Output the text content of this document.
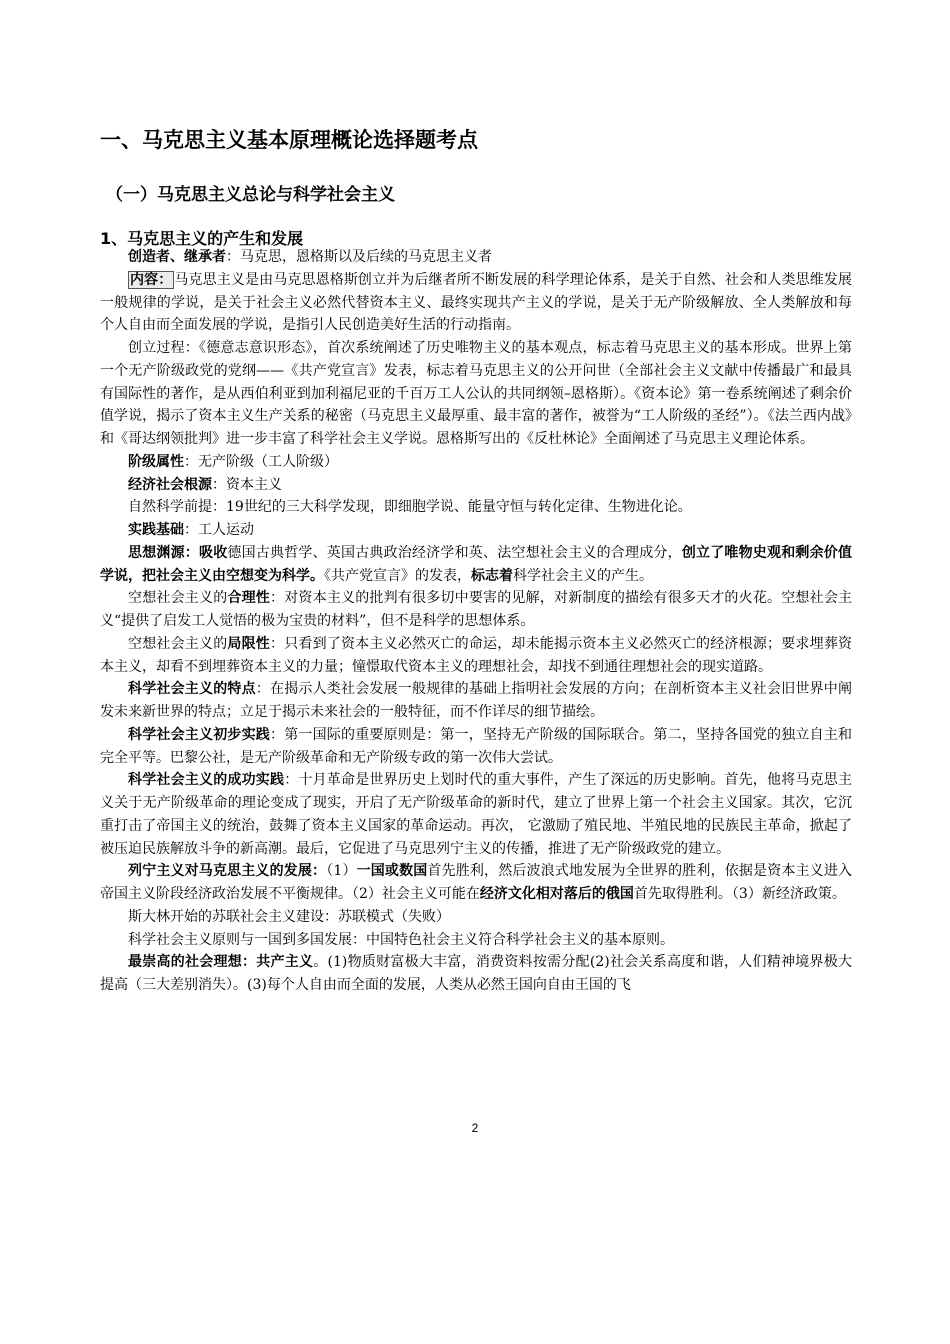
一、马克思主义基本原理概论选择题考点
（一）马克思主义总论与科学社会主义
1、马克思主义的产生和发展

创造者、继承者：马克思，恩格斯以及后续的马克思主义者

内容： 马克思主义是由马克思恩格斯创立并为后继者所不断发展的科学理论体系，是关于自然、社会和人类思维发展一般规律的学说，是关于社会主义必然代替资本主义、最终实现共产主义的学说，是关于无产阶级解放、全人类解放和每个人自由而全面发展的学说，是指引人民创造美好生活的行动指南。

创立过程：《德意志意识形态》，首次系统阐述了历史唯物主义的基本观点，标志着马克思主义的基本形成。世界上第一个无产阶级政党的党纲——《共产党宣言》发表，标志着马克思主义的公开问世（全部社会主义文献中传播最广和最具有国际性的著作，是从西伯利亚到加利福尼亚的千百万工人公认的共同纲领–恩格斯）。《资本论》第一卷系统阐述了剩余价值学说，揭示了资本主义生产关系的秘密（马克思主义最厚重、最丰富的著作，被誉为“工人阶级的圣经”）。《法兰西内战》和《哥达纲领批判》进一步丰富了科学社会主义学说。恩格斯写出的《反杜林论》全面阐述了马克思主义理论体系。

阶级属性：无产阶级（工人阶级）

经济社会根源：资本主义

自然科学前提：19世纪的三大科学发现，即细胞学说、能量守恒与转化定律、生物进化论。

实践基础：工人运动

思想渊源：吸收德国古典哲学、英国古典政治经济学和英、法空想社会主义的合理成分，创立了唯物史观和剩余价值学说，把社会主义由空想变为科学。《共产党宣言》的发表，标志着科学社会主义的产生。

空想社会主义的合理性：对资本主义的批判有很多切中要害的见解，对新制度的描绘有很多天才的火花。空想社会主义“提供了启发工人觉悟的极为宝贵的材料”，但不是科学的思想体系。

空想社会主义的局限性：只看到了资本主义必然灭亡的命运，却未能揭示资本主义必然灭亡的经济根源；要求埋葬资本主义，却看不到埋葬资本主义的力量；憧憬取代资本主义的理想社会，却找不到通往理想社会的现实道路。

科学社会主义的特点：在揭示人类社会发展一般规律的基础上指明社会发展的方向；在剖析资本主义社会旧世界中阐发未来新世界的特点；立足于揭示未来社会的一般特征，而不作详尽的细节描绘。

科学社会主义初步实践：第一国际的重要原则是：第一，坚持无产阶级的国际联合。第二，坚持各国党的独立自主和完全平等。巴黎公社，是无产阶级革命和无产阶级专政的第一次伟大尝试。

科学社会主义的成功实践：十月革命是世界历史上划时代的重大事件，产生了深远的历史影响。首先，他将马克思主义关于无产阶级革命的理论变成了现实，开启了无产阶级革命的新时代，建立了世界上第一个社会主义国家。其次，它沉重打击了帝国主义的统治，鼓舞了资本主义国家的革命运动。再次， 它激励了殖民地、半殖民地的民族民主革命，掀起了被压迫民族解放斗争的新高潮。最后，它促进了马克思列宁主义的传播，推进了无产阶级政党的建立。

列宁主义对马克思主义的发展：（1）一国或数国首先胜利，然后波浪式地发展为全世界的胜利，依据是资本主义进入帝国主义阶段经济政治发展不平衡规律。（2）社会主义可能在经济文化相对落后的俄国首先取得胜利。（3）新经济政策。

斯大林开始的苏联社会主义建设：苏联模式（失败）

科学社会主义原则与一国到多国发展：中国特色社会主义符合科学社会主义的基本原则。

最崇高的社会理想：共产主义。(1)物质财富极大丰富，消费资料按需分配(2)社会关系高度和谐，人们精神境界极大提高（三大差别消失）。(3)每个人自由而全面的发展，人类从必然王国向自由王国的飞

2
